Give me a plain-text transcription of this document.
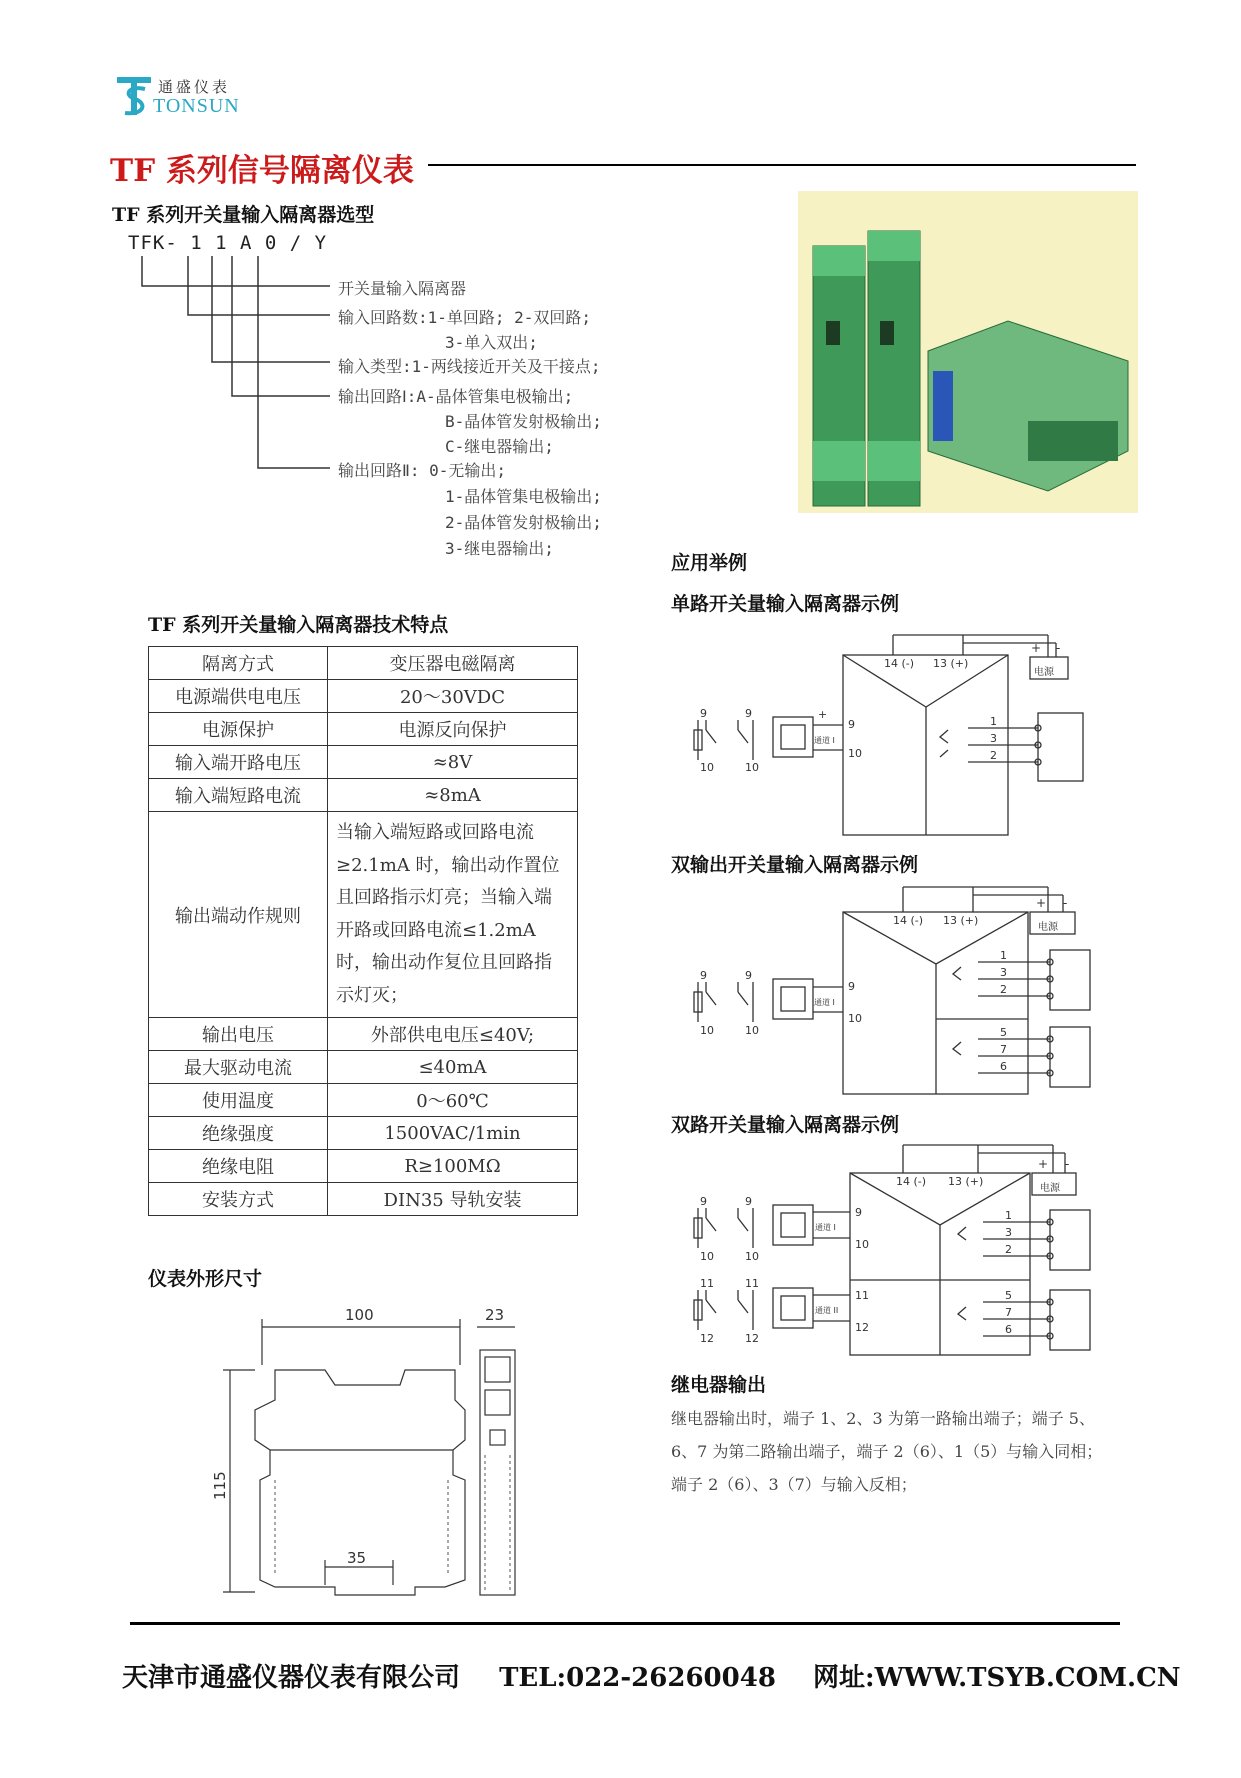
通盛仪表
TONSUN
TF 系列信号隔离仪表
TF 系列开关量输入隔离器选型
TFK- 1 1 A 0 / Y
开关量输入隔离器
输入回路数:1-单回路; 2-双回路;
3-单入双出;
输入类型:1-两线接近开关及干接点;
输出回路Ⅰ:A-晶体管集电极输出;
B-晶体管发射极输出;
C-继电器输出;
输出回路Ⅱ: 0-无输出;
1-晶体管集电极输出;
2-晶体管发射极输出;
3-继电器输出;
TF 系列开关量输入隔离器技术特点
隔离方式	变压器电磁隔离
电源端供电电压	20～30VDC
电源保护	电源反向保护
输入端开路电压	≈8V
输入端短路电流	≈8mA
输出端动作规则	当输入端短路或回路电流≥2.1mA 时，输出动作置位且回路指示灯亮；当输入端开路或回路电流≤1.2mA 时，输出动作复位且回路指示灯灭；
输出电压	外部供电电压≤40V;
最大驱动电流	≤40mA
使用温度	0～60℃
绝缘强度	1500VAC/1min
绝缘电阻	R≥100MΩ
安装方式	DIN35 导轨安装
仪表外形尺寸
100	23
115
35
应用举例
单路开关量输入隔离器示例
14 (-) 13 (+)
电源
+ -
+
通道 I
9
10
9
10
9
10
1
3
2
双输出开关量输入隔离器示例
14 (-) 13 (+)
电源
+ -
通道 I
9
10
9
10
9
10
1
3
2
5
7
6
双路开关量输入隔离器示例
14 (-) 13 (+)
电源
+ -
通道 I
通道 II
9
10
11
12
9
10
9
10
11
12
11
12
1
3
2
5
7
6
继电器输出
继电器输出时，端子 1、2、3 为第一路输出端子；端子 5、6、7 为第二路输出端子，端子 2（6）、1（5）与输入同相；端子 2（6）、3（7）与输入反相；
天津市通盛仪器仪表有限公司 TEL:022-26260048 网址:WWW.TSYB.COM.CN
